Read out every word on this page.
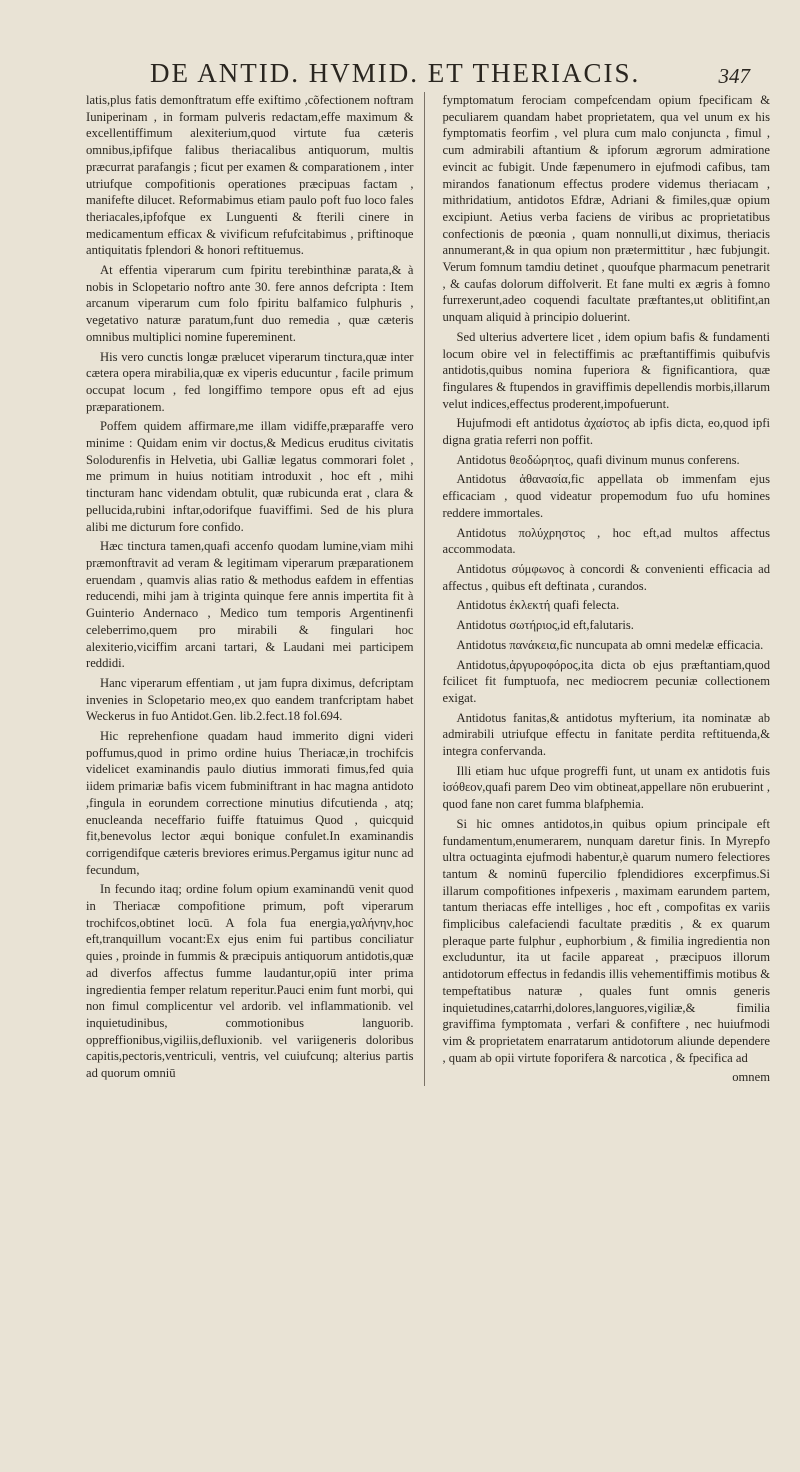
DE ANTID. HVMID. ET THERIACIS.	347

latis,plus fatis demonftratum effe exiftimo ,cõfectionem noftram Iuniperinam , in formam pulveris redactam,effe maximum & excellentiffimum alexiterium,quod virtute fua cæteris omnibus,ipfifque falibus theriacalibus antiquorum, multis præcurrat parafangis ; ficut per examen & comparationem , inter utriufque compofitionis operationes præcipuas factam , manifefte dilucet. Reformabimus etiam paulo poft fuo loco fales theriacales,ipfofque ex Lunguenti & fterili cinere in medicamentum efficax & vivificum refufcitabimus , priftinoque antiquitatis fplendori & honori reftituemus.

At effentia viperarum cum fpiritu terebinthinæ parata,& à nobis in Sclopetario noftro ante 30. fere annos defcripta : Item arcanum viperarum cum folo fpiritu balfamico fulphuris , vegetativo naturæ paratum,funt duo remedia , quæ cæteris omnibus multiplici nomine fupereminent.

His vero cunctis longæ prælucet viperarum tinctura,quæ inter cætera opera mirabilia,quæ ex viperis educuntur , facile primum occupat locum , fed longiffimo tempore opus eft ad ejus præparationem.

Poffem quidem affirmare,me illam vidiffe,præparaffe vero minime : Quidam enim vir doctus,& Medicus eruditus civitatis Solodurenfis in Helvetia, ubi Galliæ legatus commorari folet , me primum in huius notitiam introduxit , hoc eft , mihi tincturam hanc videndam obtulit, quæ rubicunda erat , clara & pellucida,rubini inftar,odorifque fuaviffimi. Sed de his plura alibi me dicturum fore confido.

Hæc tinctura tamen,quafi accenfo quodam lumine,viam mihi præmonftravit ad veram & legitimam viperarum præparationem eruendam , quamvis alias ratio & methodus eafdem in effentias reducendi, mihi jam à triginta quinque fere annis impertita fit à Guinterio Andernaco , Medico tum temporis Argentinenfi celeberrimo,quem pro mirabili & fingulari hoc alexiterio,viciffim arcani tartari, & Laudani mei participem reddidi.

Hanc viperarum effentiam , ut jam fupra diximus, defcriptam invenies in Sclopetario meo,ex quo eandem tranfcriptam habet Weckerus in fuo Antidot.Gen. lib.2.fect.18 fol.694.

Hic reprehenfione quadam haud immerito digni videri poffumus,quod in primo ordine huius Theriacæ,in trochifcis videlicet examinandis paulo diutius immorati fimus,fed quia iidem primariæ bafis vicem fubminiftrant in hac magna antidoto ,fingula in eorundem correctione minutius difcutienda , atq; enucleanda neceffario fuiffe ftatuimus Quod , quicquid fit,benevolus lector æqui bonique confulet.In examinandis corrigendifque cæteris breviores erimus.Pergamus igitur nunc ad fecundum,

In fecundo itaq; ordine folum opium examinandū venit quod in Theriacæ compofitione primum, poft viperarum trochifcos,obtinet locū. A fola fua energia,γαλήνην,hoc eft,tranquillum vocant:Ex ejus enim fui partibus conciliatur quies , proinde in fummis & præcipuis antiquorum antidotis,quæ ad diverfos affectus fumme laudantur,opiū inter prima ingredientia femper relatum reperitur.Pauci enim funt morbi, qui non fimul complicentur vel ardorib. vel inflammationib. vel inquietudinibus, commotionibus languorib. oppreffionibus,vigiliis,defluxionib. vel variigeneris doloribus capitis,pectoris,ventriculi, ventris, vel cuiufcunq; alterius partis ad quorum omniū

fymptomatum ferociam compefcendam opium fpecificam & peculiarem quandam habet proprietatem, qua vel unum ex his fymptomatis feorfim , vel plura cum malo conjuncta , fimul , cum admirabili aftantium & ipforum ægrorum admiratione evincit ac fubigit. Unde fæpenumero in ejufmodi cafibus, tam mirandos fanationum effectus prodere videmus theriacam , mithridatium, antidotos Efdræ, Adriani & fimiles,quæ opium excipiunt. Aetius verba faciens de viribus ac proprietatibus confectionis de pœonia , quam nonnulli,ut diximus, theriacis annumerant,& in qua opium non prætermittitur , hæc fubjungit. Verum fomnum tamdiu detinet , quoufque pharmacum penetrarit , & caufas dolorum diffolverit. Et fane multi ex ægris à fomno furrexerunt,adeo coquendi facultate præftantes,ut oblitifint,an unquam aliquid à principio doluerint.

Sed ulterius advertere licet , idem opium bafis & fundamenti locum obire vel in felectiffimis ac præftantiffimis quibufvis antidotis,quibus nomina fuperiora & fignificantiora, quæ fingulares & ftupendos in graviffimis depellendis morbis,illarum velut indices,effectus proderent,impofuerunt.

Hujufmodi eft antidotus ἀχαίστος ab ipfis dicta, eo,quod ipfi digna gratia referri non poffit.

Antidotus θεοδώρητος, quafi divinum munus conferens.

Antidotus ἀθανασία,fic appellata ob immenfam ejus efficaciam , quod videatur propemodum fuo ufu homines reddere immortales.

Antidotus πολύχρηστος , hoc eft,ad multos affectus accommodata.

Antidotus σύμφωνος à concordi & convenienti efficacia ad affectus , quibus eft deftinata , curandos.

Antidotus ἐκλεκτή quafi felecta.

Antidotus σωτήριος,id eft,falutaris.

Antidotus πανάκεια,fic nuncupata ab omni medelæ efficacia.

Antidotus,ἀργυροφόρος,ita dicta ob ejus præftantiam,quod fcilicet fit fumptuofa, nec mediocrem pecuniæ collectionem exigat.

Antidotus fanitas,& antidotus myfterium, ita nominatæ ab admirabili utriufque effectu in fanitate perdita reftituenda,& integra confervanda.

Illi etiam huc ufque progreffi funt, ut unam ex antidotis fuis ἰσόθεον,quafi parem Deo vim obtineat,appellare nōn erubuerint , quod fane non caret fumma blafphemia.

Si hic omnes antidotos,in quibus opium principale eft fundamentum,enumerarem, nunquam daretur finis. In Myrepfo ultra octuaginta ejufmodi habentur,è quarum numero felectiores tantum & nominū fupercilio fplendidiores excerpfimus.Si illarum compofitiones infpexeris , maximam earundem partem, tantum theriacas effe intelliges , hoc eft , compofitas ex variis fimplicibus calefaciendi facultate præditis , & ex quarum pleraque parte fulphur , euphorbium , & fimilia ingredientia non excluduntur, ita ut facile appareat , præcipuos illorum antidotorum effectus in fedandis illis vehementiffimis motibus & tempeftatibus naturæ , quales funt omnis generis inquietudines,catarrhi,dolores,languores,vigiliæ,& fimilia graviffima fymptomata , verfari & confiftere , nec huiufmodi vim & proprietatem enarratarum antidotorum aliunde dependere , quam ab opii virtute foporifera & narcotica , & fpecifica ad

omnem
